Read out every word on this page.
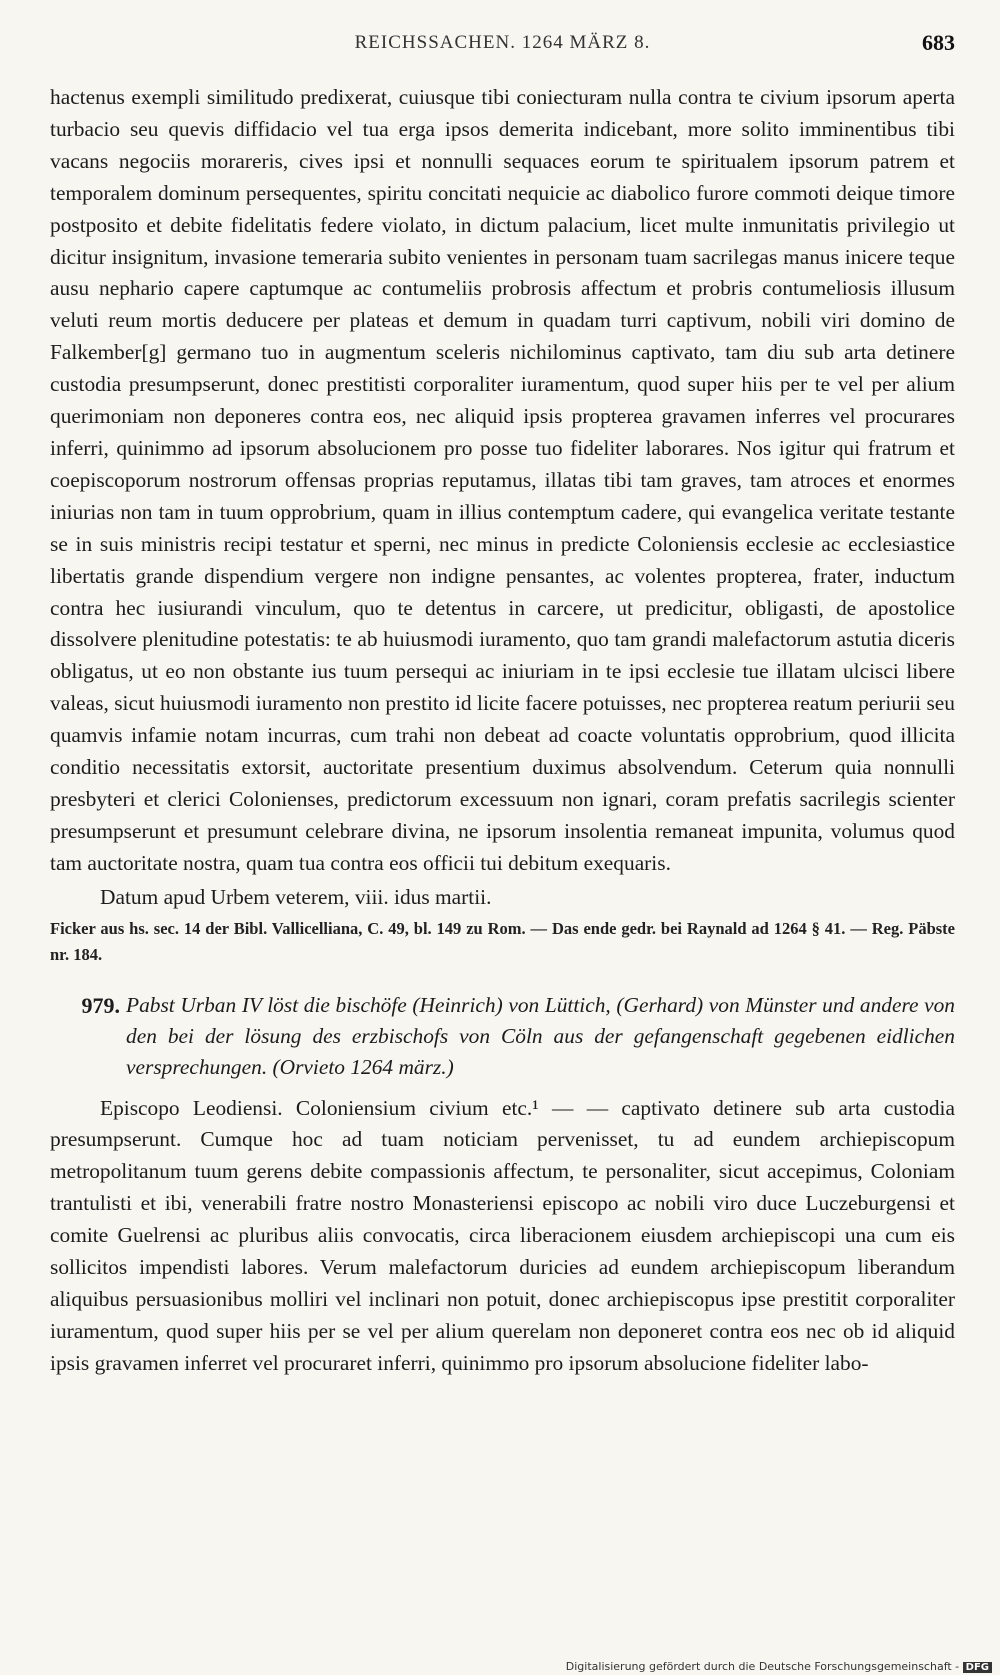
REICHSSACHEN. 1264 MÄRZ 8.	683

hactenus exempli similitudo predixerat, cuiusque tibi coniecturam nulla contra te civium ipsorum aperta turbacio seu quevis diffidacio vel tua erga ipsos demerita indicebant, more solito imminentibus tibi vacans negociis morareris, cives ipsi et nonnulli sequaces eorum te spiritualem ipsorum patrem et temporalem dominum persequentes, spiritu concitati nequicie ac diabolico furore commoti deique timore postposito et debite fidelitatis federe violato, in dictum palacium, licet multe inmunitatis privilegio ut dicitur insignitum, invasione temeraria subito venientes in personam tuam sacrilegas manus inicere teque ausu nephario capere captumque ac contumeliis probrosis affectum et probris contumeliosis illusum veluti reum mortis deducere per plateas et demum in quadam turri captivum, nobili viri domino de Falkember[g] germano tuo in augmentum sceleris nichilominus captivato, tam diu sub arta detinere custodia presumpserunt, donec prestitisti corporaliter iuramentum, quod super hiis per te vel per alium querimoniam non deponeres contra eos, nec aliquid ipsis propterea gravamen inferres vel procurares inferri, quinimmo ad ipsorum absolucionem pro posse tuo fideliter laborares. Nos igitur qui fratrum et coepiscoporum nostrorum offensas proprias reputamus, illatas tibi tam graves, tam atroces et enormes iniurias non tam in tuum opprobrium, quam in illius contemptum cadere, qui evangelica veritate testante se in suis ministris recipi testatur et sperni, nec minus in predicte Coloniensis ecclesie ac ecclesiastice libertatis grande dispendium vergere non indigne pensantes, ac volentes propterea, frater, inductum contra hec iusiurandi vinculum, quo te detentus in carcere, ut predicitur, obligasti, de apostolice dissolvere plenitudine potestatis: te ab huiusmodi iuramento, quo tam grandi malefactorum astutia diceris obligatus, ut eo non obstante ius tuum persequi ac iniuriam in te ipsi ecclesie tue illatam ulcisci libere valeas, sicut huiusmodi iuramento non prestito id licite facere potuisses, nec propterea reatum periurii seu quamvis infamie notam incurras, cum trahi non debeat ad coacte voluntatis opprobrium, quod illicita conditio necessitatis extorsit, auctoritate presentium duximus absolvendum. Ceterum quia nonnulli presbyteri et clerici Colonienses, predictorum excessuum non ignari, coram prefatis sacrilegis scienter presumpserunt et presumunt celebrare divina, ne ipsorum insolentia remaneat impunita, volumus quod tam auctoritate nostra, quam tua contra eos officii tui debitum exequaris.

Datum apud Urbem veterem, viii. idus martii.

Ficker aus hs. sec. 14 der Bibl. Vallicelliana, C. 49, bl. 149 zu Rom. — Das ende gedr. bei Raynald ad 1264 § 41. — Reg. Päbste nr. 184.

979. Pabst Urban IV löst die bischöfe (Heinrich) von Lüttich, (Gerhard) von Münster und andere von den bei der lösung des erzbischofs von Cöln aus der gefangenschaft gegebenen eidlichen versprechungen. (Orvieto 1264 märz.)

Episcopo Leodiensi. Coloniensium civium etc.¹ — — captivato detinere sub arta custodia presumpserunt. Cumque hoc ad tuam noticiam pervenisset, tu ad eundem archiepiscopum metropolitanum tuum gerens debite compassionis affectum, te personaliter, sicut accepimus, Coloniam trantulisti et ibi, venerabili fratre nostro Monasteriensi episcopo ac nobili viro duce Luczeburgensi et comite Guelrensi ac pluribus aliis convocatis, circa liberacionem eiusdem archiepiscopi una cum eis sollicitos impendisti labores. Verum malefactorum duricies ad eundem archiepiscopum liberandum aliquibus persuasionibus molliri vel inclinari non potuit, donec archiepiscopus ipse prestitit corporaliter iuramentum, quod super hiis per se vel per alium querelam non deponeret contra eos nec ob id aliquid ipsis gravamen inferret vel procuraret inferri, quinimmo pro ipsorum absolucione fideliter labo-

Digitalisierung gefördert durch die Deutsche Forschungsgemeinschaft - DFG
